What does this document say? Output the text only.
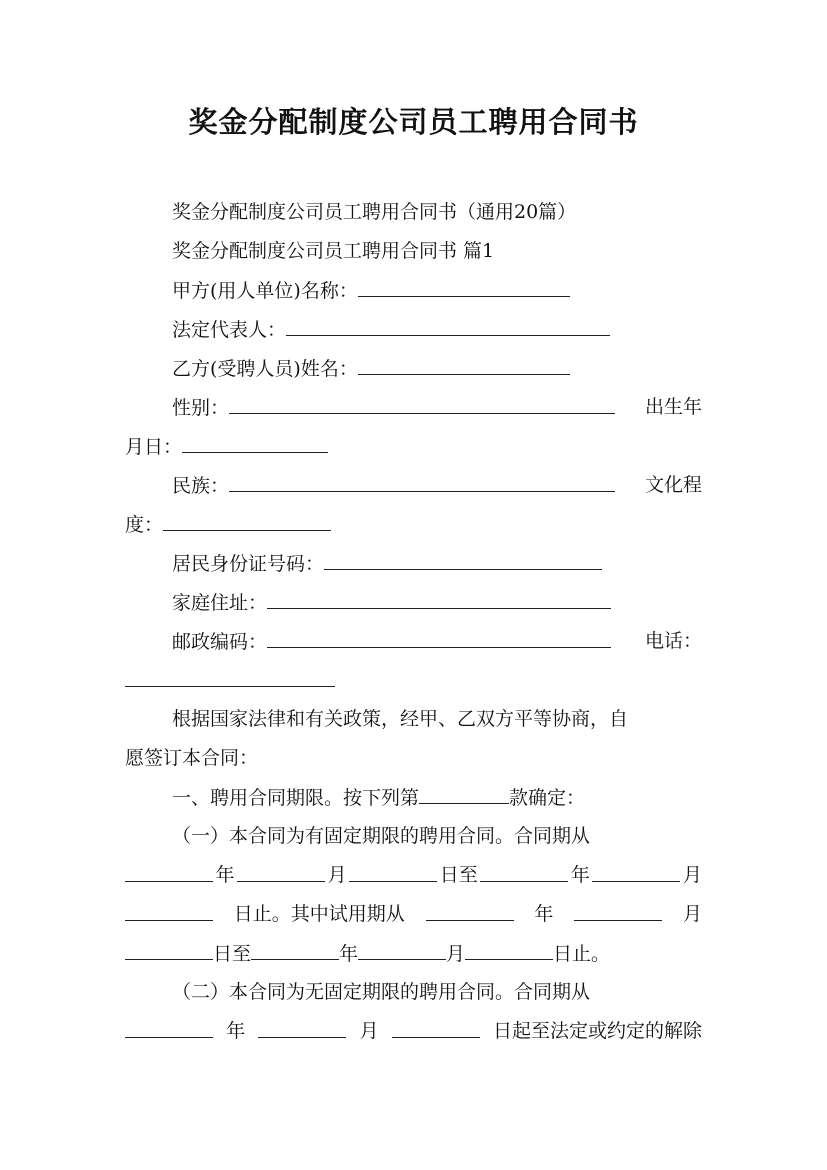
奖金分配制度公司员工聘用合同书
奖金分配制度公司员工聘用合同书（通用20篇）
奖金分配制度公司员工聘用合同书 篇1
甲方(用人单位)名称：
法定代表人：
乙方(受聘人员)姓名：
性别：	出生年
月日：
民族：	文化程
度：
居民身份证号码：
家庭住址：
邮政编码：	电话：
根据国家法律和有关政策，经甲、乙双方平等协商，自
愿签订本合同：
一、聘用合同期限。按下列第	款确定：
（一）本合同为有固定期限的聘用合同。合同期从
年	月	日至	年	月
日止。其中试用期从	年	月
日至	年	月	日止。
（二）本合同为无固定期限的聘用合同。合同期从
年	月	日起至法定或约定的解除
